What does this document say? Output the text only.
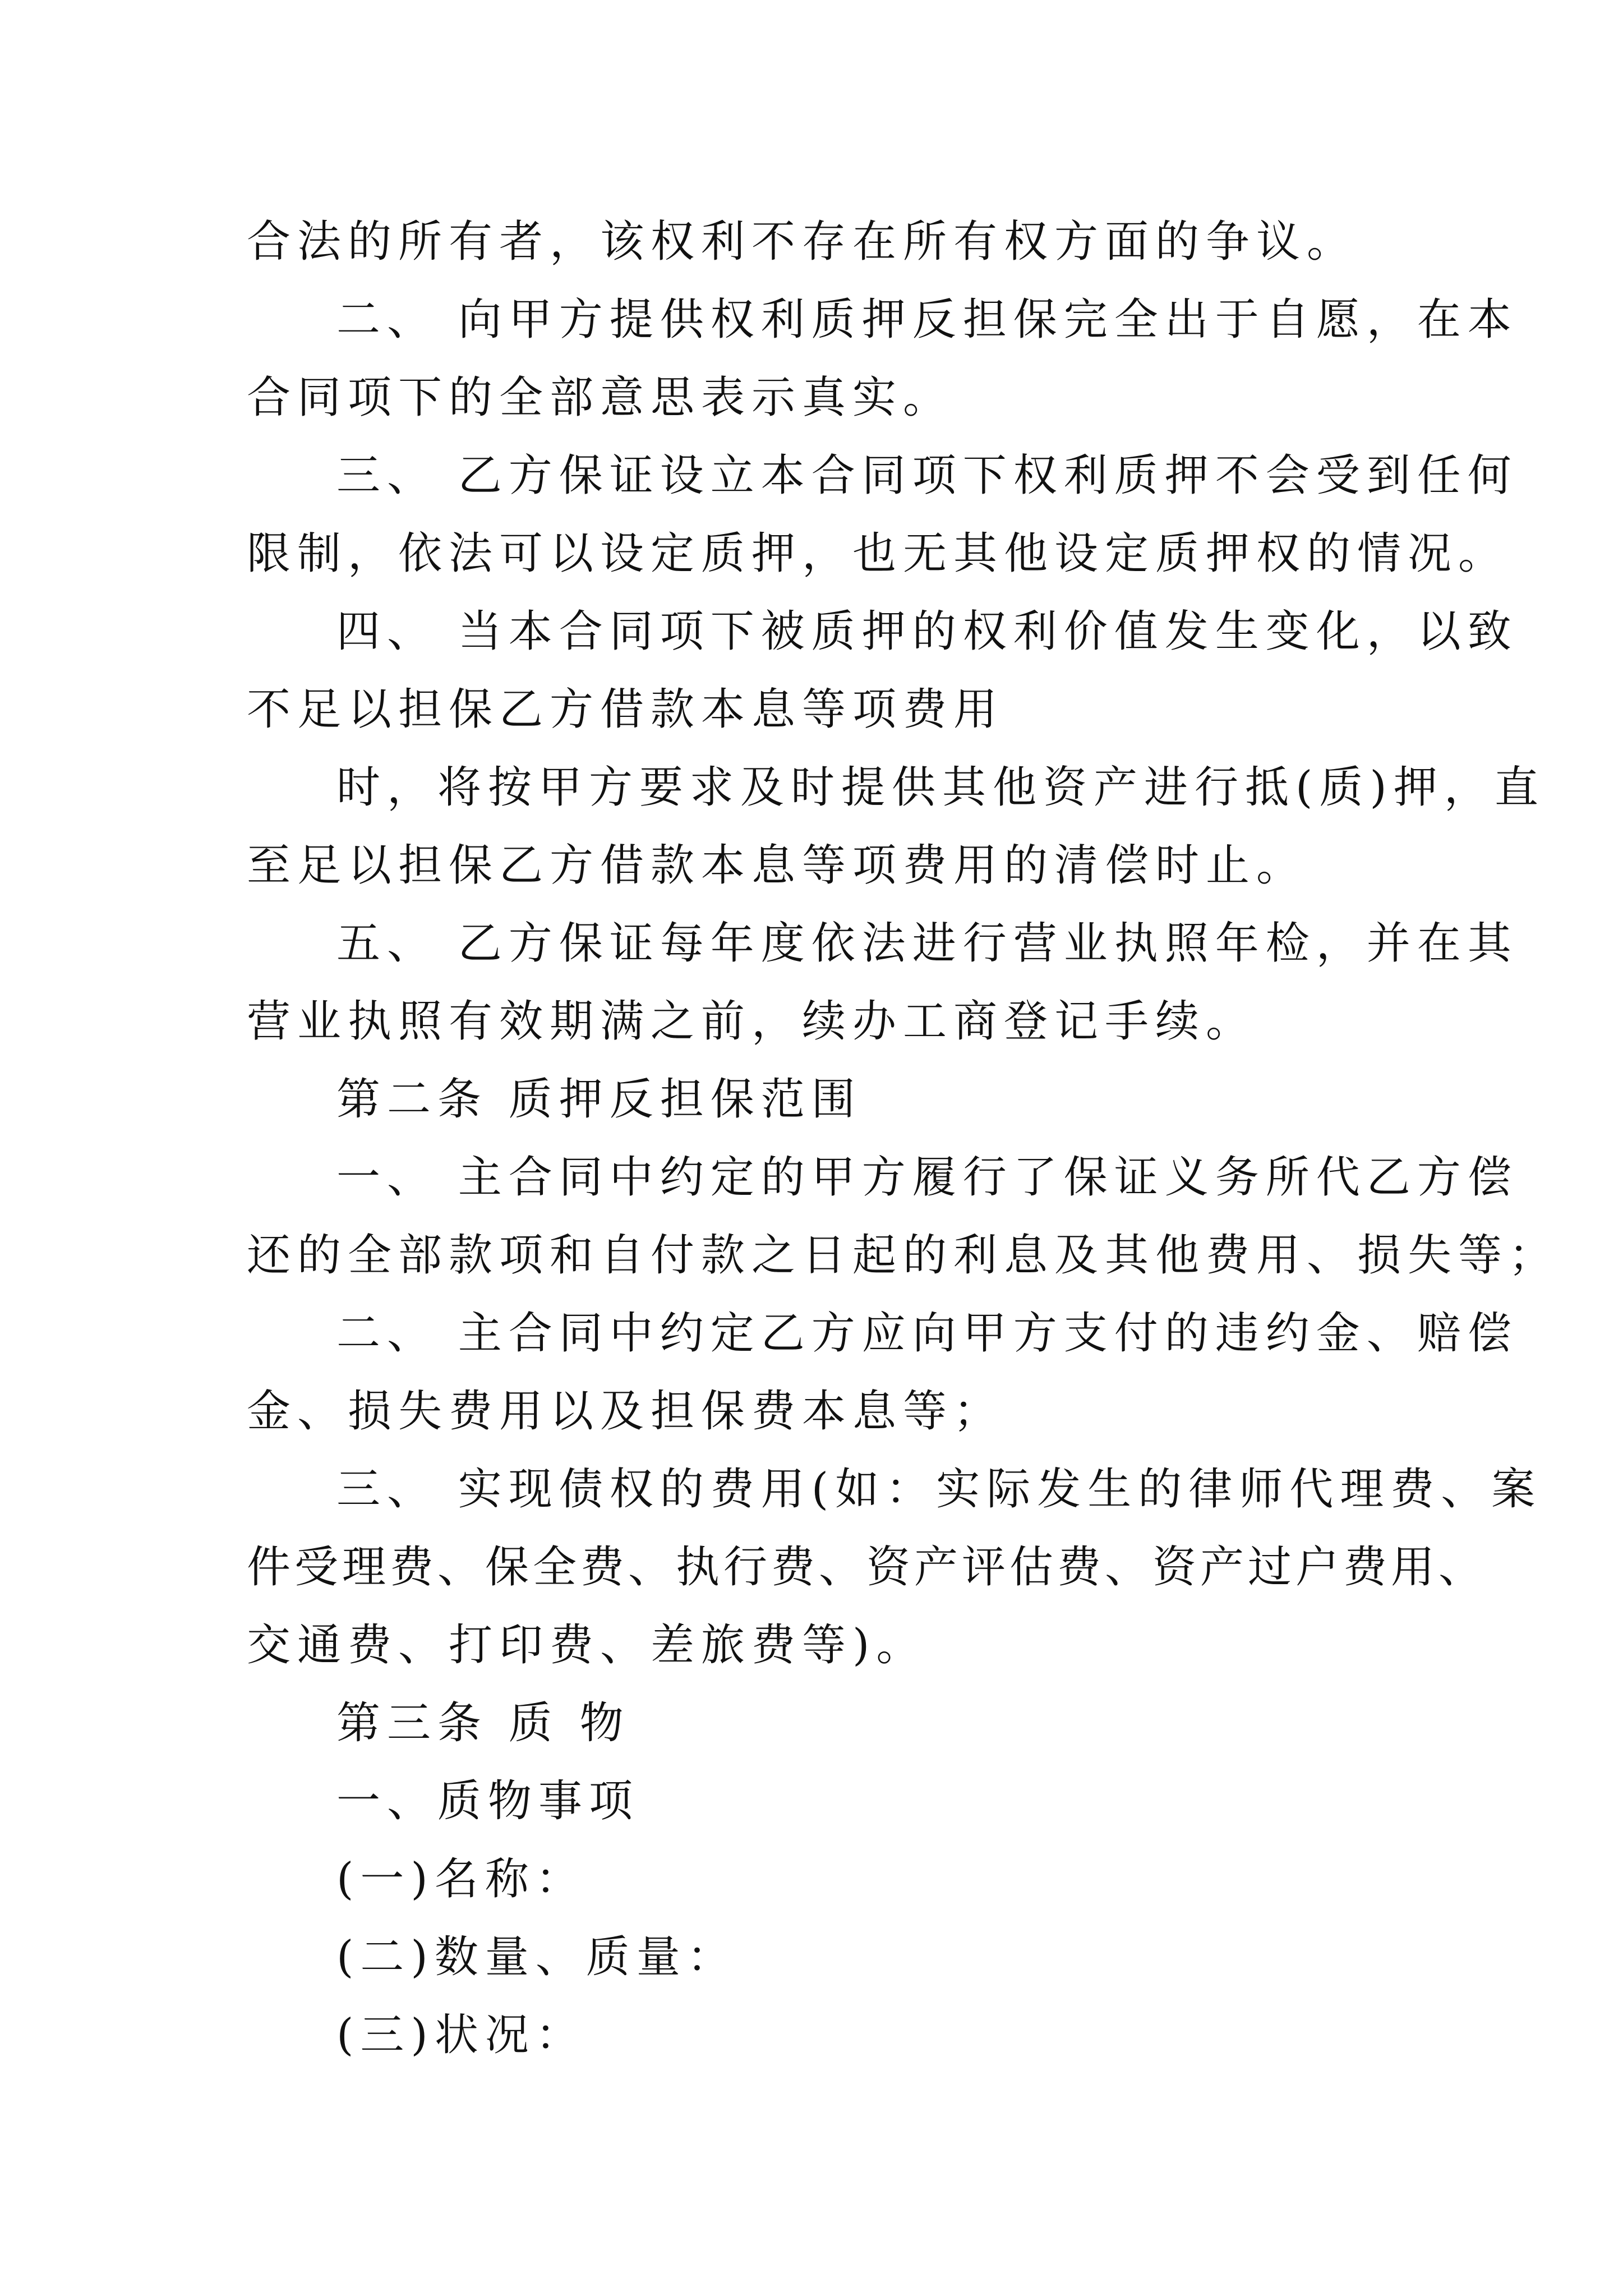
合法的所有者，该权利不存在所有权方面的争议。
二、 向甲方提供权利质押反担保完全出于自愿，在本
合同项下的全部意思表示真实。
三、 乙方保证设立本合同项下权利质押不会受到任何
限制，依法可以设定质押，也无其他设定质押权的情况。
四、 当本合同项下被质押的权利价值发生变化，以致
不足以担保乙方借款本息等项费用
时，将按甲方要求及时提供其他资产进行抵(质)押，直
至足以担保乙方借款本息等项费用的清偿时止。
五、 乙方保证每年度依法进行营业执照年检，并在其
营业执照有效期满之前，续办工商登记手续。
第二条 质押反担保范围
一、 主合同中约定的甲方履行了保证义务所代乙方偿
还的全部款项和自付款之日起的利息及其他费用、损失等；
二、 主合同中约定乙方应向甲方支付的违约金、赔偿
金、损失费用以及担保费本息等；
三、 实现债权的费用(如：实际发生的律师代理费、案
件受理费、保全费、执行费、资产评估费、资产过户费用、
交通费、打印费、差旅费等)。
第三条 质 物
一、质物事项
(一)名称：
(二)数量、质量：
(三)状况：
